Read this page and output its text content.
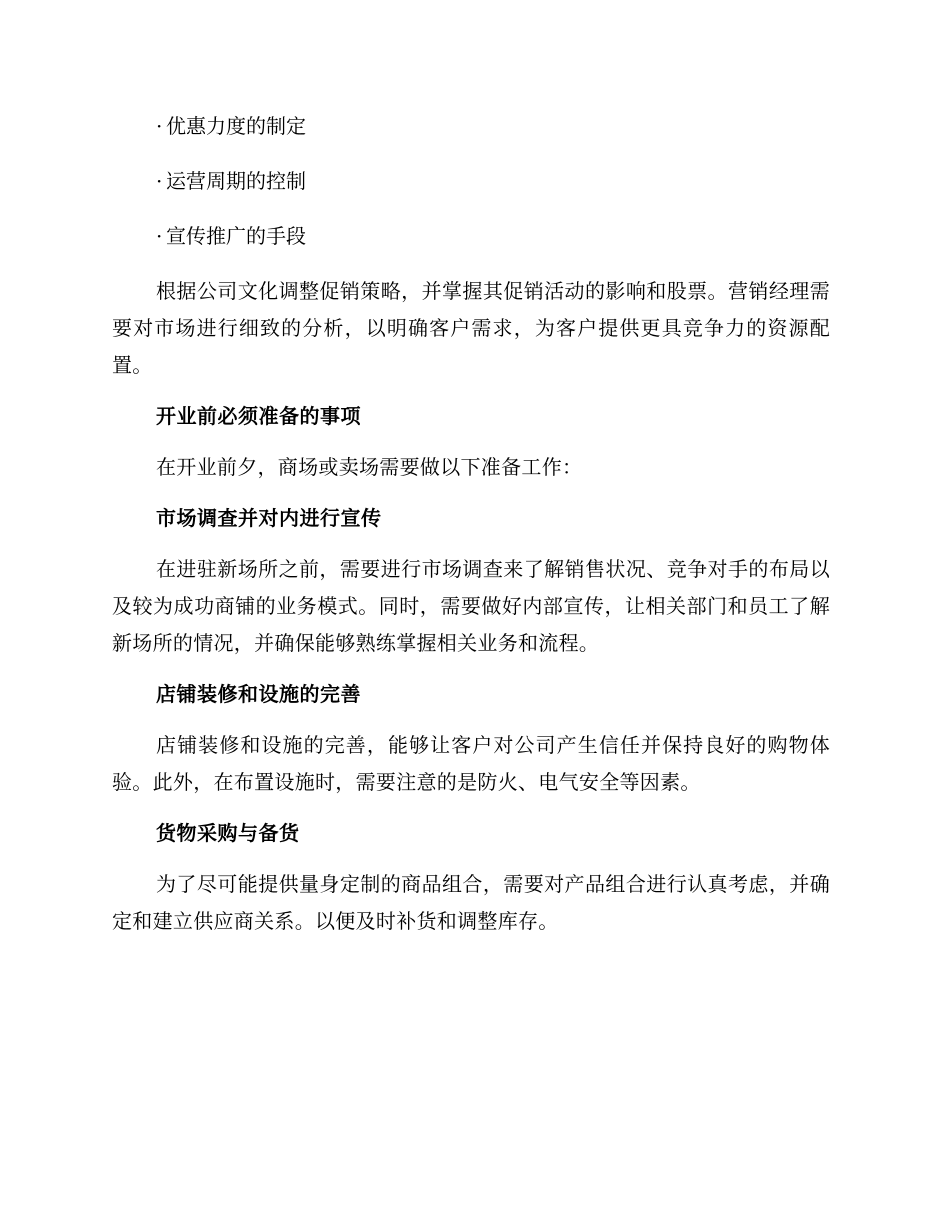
· 优惠力度的制定
· 运营周期的控制
· 宣传推广的手段

根据公司文化调整促销策略，并掌握其促销活动的影响和股票。营销经理需要对市场进行细致的分析，以明确客户需求，为客户提供更具竞争力的资源配置。

开业前必须准备的事项

在开业前夕，商场或卖场需要做以下准备工作：

市场调查并对内进行宣传

在进驻新场所之前，需要进行市场调查来了解销售状况、竞争对手的布局以及较为成功商铺的业务模式。同时，需要做好内部宣传，让相关部门和员工了解新场所的情况，并确保能够熟练掌握相关业务和流程。

店铺装修和设施的完善

店铺装修和设施的完善，能够让客户对公司产生信任并保持良好的购物体验。此外，在布置设施时，需要注意的是防火、电气安全等因素。

货物采购与备货

为了尽可能提供量身定制的商品组合，需要对产品组合进行认真考虑，并确定和建立供应商关系。以便及时补货和调整库存。
